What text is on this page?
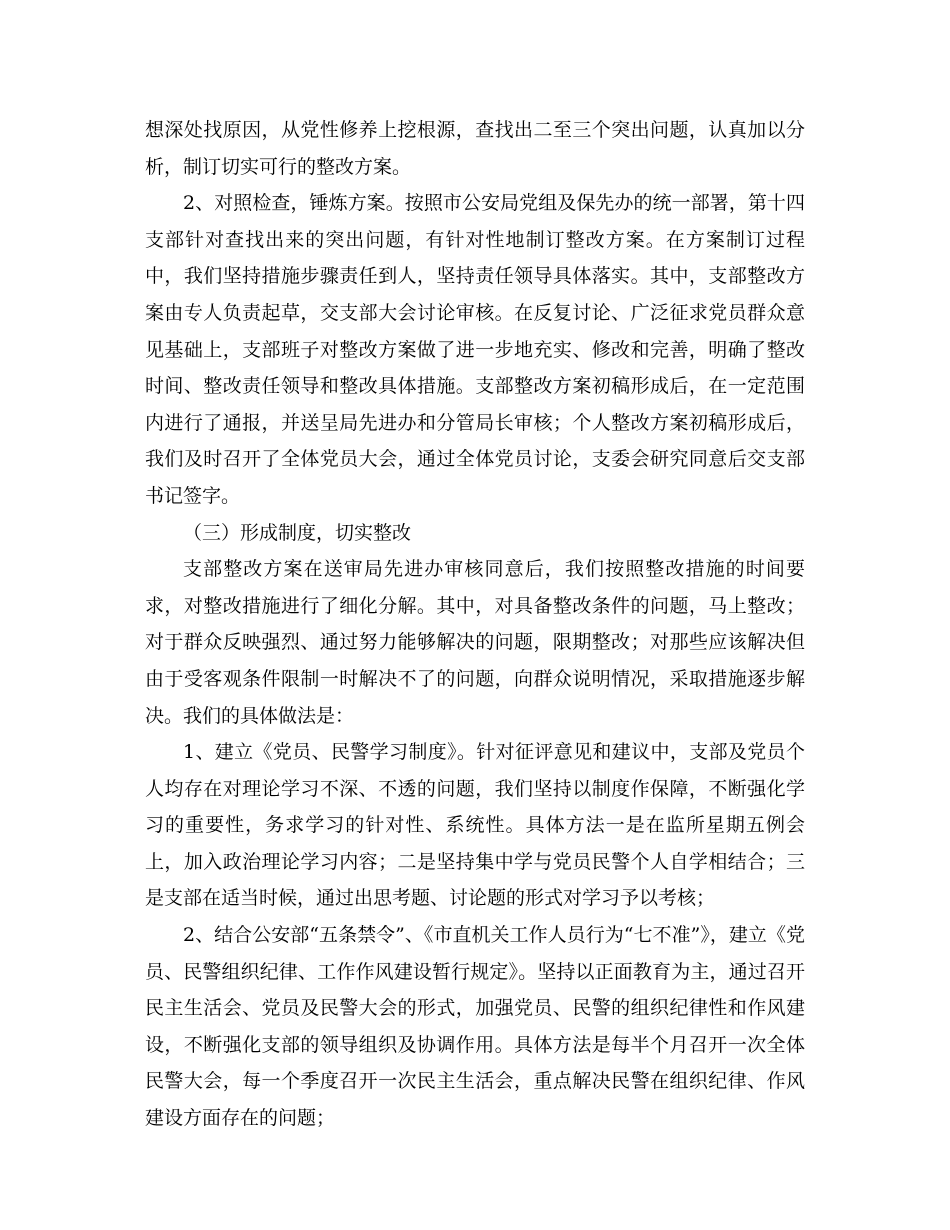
想深处找原因，从党性修养上挖根源，查找出二至三个突出问题，认真加以分析，制订切实可行的整改方案。

2、对照检查，锤炼方案。按照市公安局党组及保先办的统一部署，第十四支部针对查找出来的突出问题，有针对性地制订整改方案。在方案制订过程中，我们坚持措施步骤责任到人，坚持责任领导具体落实。其中，支部整改方案由专人负责起草，交支部大会讨论审核。在反复讨论、广泛征求党员群众意见基础上，支部班子对整改方案做了进一步地充实、修改和完善，明确了整改时间、整改责任领导和整改具体措施。支部整改方案初稿形成后，在一定范围内进行了通报，并送呈局先进办和分管局长审核；个人整改方案初稿形成后，我们及时召开了全体党员大会，通过全体党员讨论，支委会研究同意后交支部书记签字。

（三）形成制度，切实整改

支部整改方案在送审局先进办审核同意后，我们按照整改措施的时间要求，对整改措施进行了细化分解。其中，对具备整改条件的问题，马上整改；对于群众反映强烈、通过努力能够解决的问题，限期整改；对那些应该解决但由于受客观条件限制一时解决不了的问题，向群众说明情况，采取措施逐步解决。我们的具体做法是：

1、建立《党员、民警学习制度》。针对征评意见和建议中，支部及党员个人均存在对理论学习不深、不透的问题，我们坚持以制度作保障，不断强化学习的重要性，务求学习的针对性、系统性。具体方法一是在监所星期五例会上，加入政治理论学习内容；二是坚持集中学与党员民警个人自学相结合；三是支部在适当时候，通过出思考题、讨论题的形式对学习予以考核；

2、结合公安部“五条禁令”、《市直机关工作人员行为“七不准”》，建立《党员、民警组织纪律、工作作风建设暂行规定》。坚持以正面教育为主，通过召开民主生活会、党员及民警大会的形式，加强党员、民警的组织纪律性和作风建设，不断强化支部的领导组织及协调作用。具体方法是每半个月召开一次全体民警大会，每一个季度召开一次民主生活会，重点解决民警在组织纪律、作风建设方面存在的问题；
